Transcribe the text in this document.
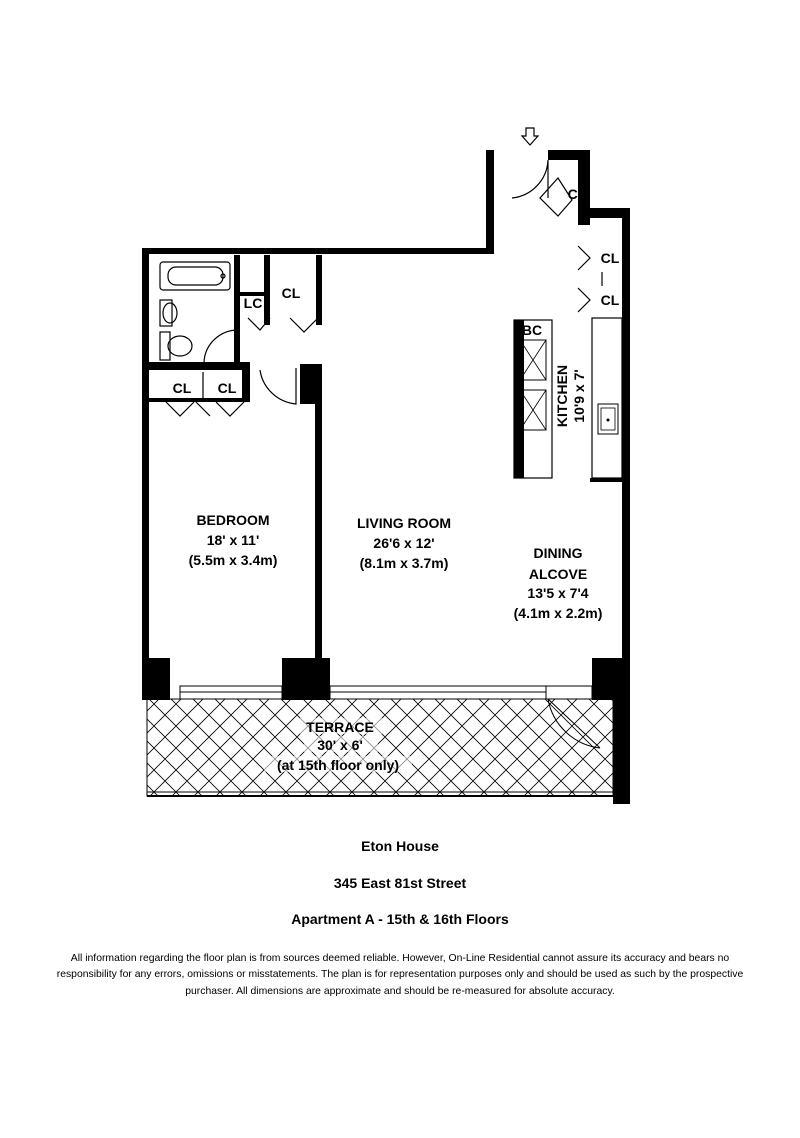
BEDROOM
18' x 11'
(5.5m x 3.4m)
LIVING ROOM
26'6 x 12'
(8.1m x 3.7m)
DINING
ALCOVE
13'5 x 7'4
(4.1m x 2.2m)
KITCHEN 10'9 x 7'
TERRACE
30' x 6'
(at 15th floor only)
CL
CL
CL
CL
LC
CL CL
BC
Eton House
345 East 81st Street
Apartment A - 15th & 16th Floors
All information regarding the floor plan is from sources deemed reliable. However, On-Line Residential cannot assure its accuracy and bears no responsibility for any errors, omissions or misstatements. The plan is for representation purposes only and should be used as such by the prospective purchaser. All dimensions are approximate and should be re-measured for absolute accuracy.
